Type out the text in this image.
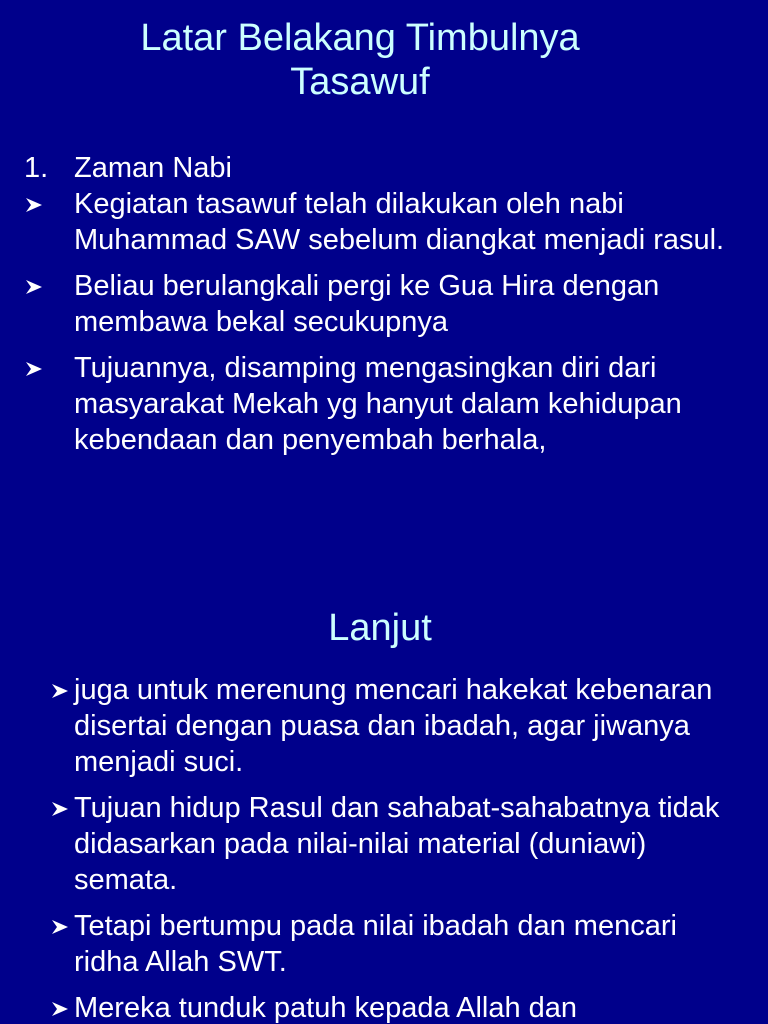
Latar Belakang Timbulnya
Tasawuf
1. Zaman Nabi
Kegiatan tasawuf telah dilakukan oleh nabi Muhammad SAW sebelum diangkat menjadi rasul.
Beliau berulangkali pergi ke Gua Hira dengan membawa bekal secukupnya
Tujuannya, disamping mengasingkan diri dari masyarakat Mekah yg hanyut dalam kehidupan kebendaan dan penyembah berhala,
Lanjut
juga untuk merenung mencari hakekat kebenaran disertai dengan puasa dan ibadah, agar jiwanya menjadi suci.
Tujuan hidup Rasul dan sahabat-sahabatnya tidak didasarkan pada nilai-nilai material (duniawi) semata.
Tetapi bertumpu pada nilai ibadah dan mencari ridha Allah SWT.
Mereka tunduk patuh kepada Allah dan
